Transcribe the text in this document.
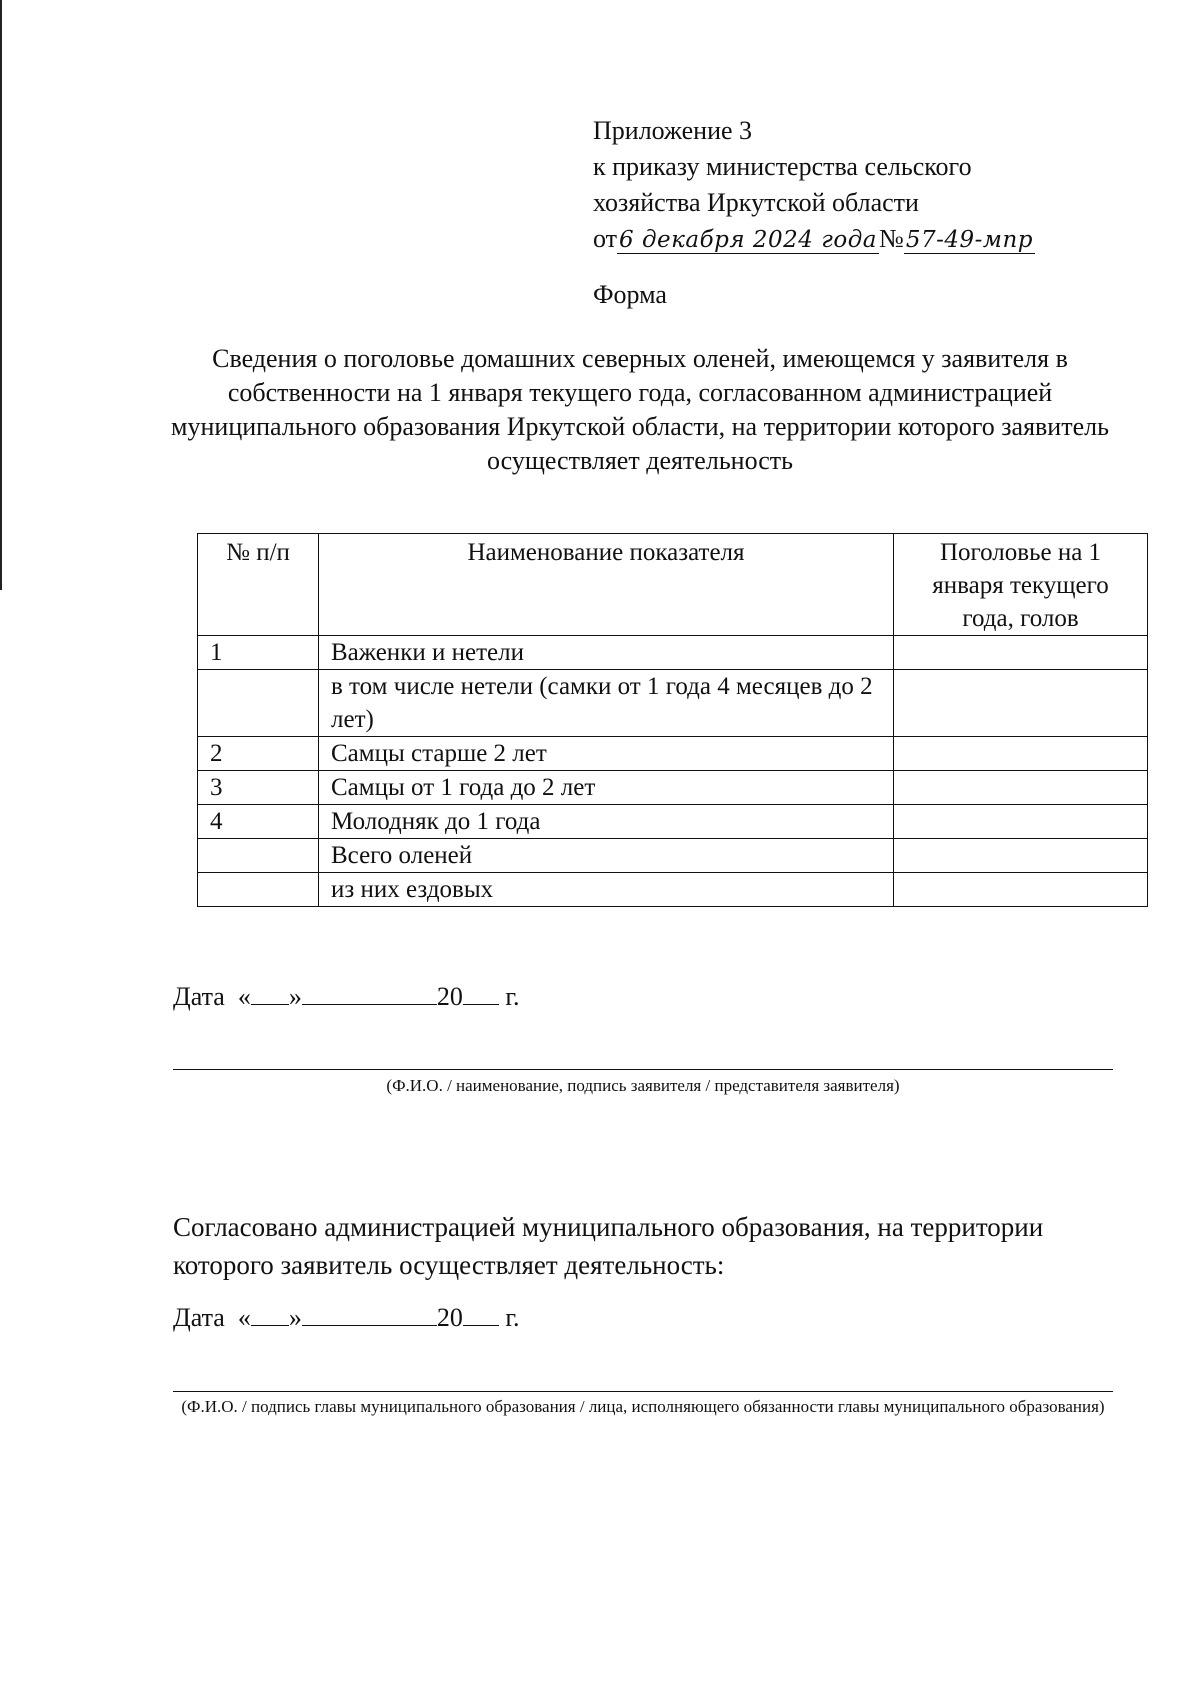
Приложение 3
к приказу министерства сельского
хозяйства Иркутской области
от6 декабря 2024 года№57-49-мпр
Форма
Сведения о поголовье домашних северных оленей, имеющемся у заявителя в собственности на 1 января текущего года, согласованном администрацией муниципального образования Иркутской области, на территории которого заявитель осуществляет деятельность
№ п/п	Наименование показателя	Поголовье на 1 января текущего года, голов
1	Важенки и нетели	
	в том числе нетели (самки от 1 года 4 месяцев до 2 лет)	
2	Самцы старше 2 лет	
3	Самцы от 1 года до 2 лет	
4	Молодняк до 1 года	
	Всего оленей	
	из них ездовых	
Дата « »	20 г.
(Ф.И.О. / наименование, подпись заявителя / представителя заявителя)
Согласовано администрацией муниципального образования, на территории которого заявитель осуществляет деятельность:
Дата « »	20 г.
(Ф.И.О. / подпись главы муниципального образования / лица, исполняющего обязанности главы муниципального образования)
